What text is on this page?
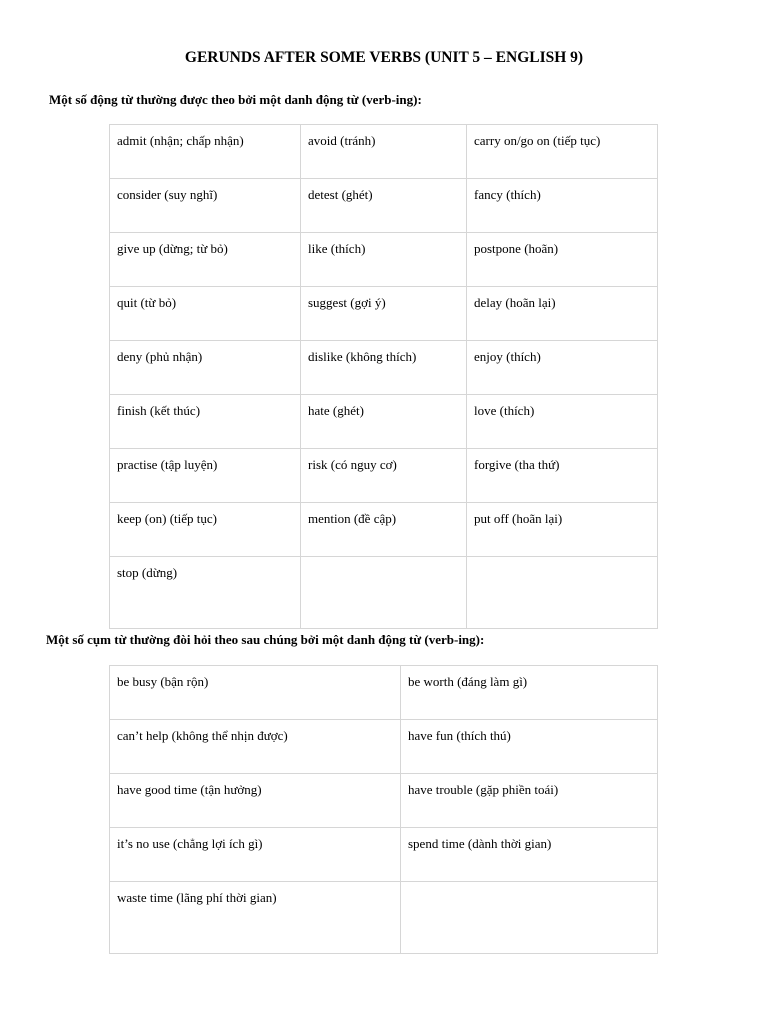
GERUNDS AFTER SOME VERBS (UNIT 5 – ENGLISH 9)
Một số động từ thường được theo bởi một danh động từ (verb-ing):
admit (nhận; chấp nhận)	avoid (tránh)	carry on/go on (tiếp tục)
consider (suy nghĩ)	detest (ghét)	fancy (thích)
give up (dừng; từ bỏ)	like (thích)	postpone (hoãn)
quit (từ bỏ)	suggest (gợi ý)	delay (hoãn lại)
deny (phủ nhận)	dislike (không thích)	enjoy (thích)
finish (kết thúc)	hate (ghét)	love (thích)
practise (tập luyện)	risk (có nguy cơ)	forgive (tha thứ)
keep (on) (tiếp tục)	mention (đề cập)	put off (hoãn lại)
stop (dừng)		
Một số cụm từ thường đòi hỏi theo sau chúng bởi một danh động từ (verb-ing):
be busy (bận rộn)	be worth (đáng làm gì)
can’t help (không thể nhịn được)	have fun (thích thú)
have good time (tận hưởng)	have trouble (gặp phiền toái)
it’s no use (chẳng lợi ích gì)	spend time (dành thời gian)
waste time (lãng phí thời gian)	
